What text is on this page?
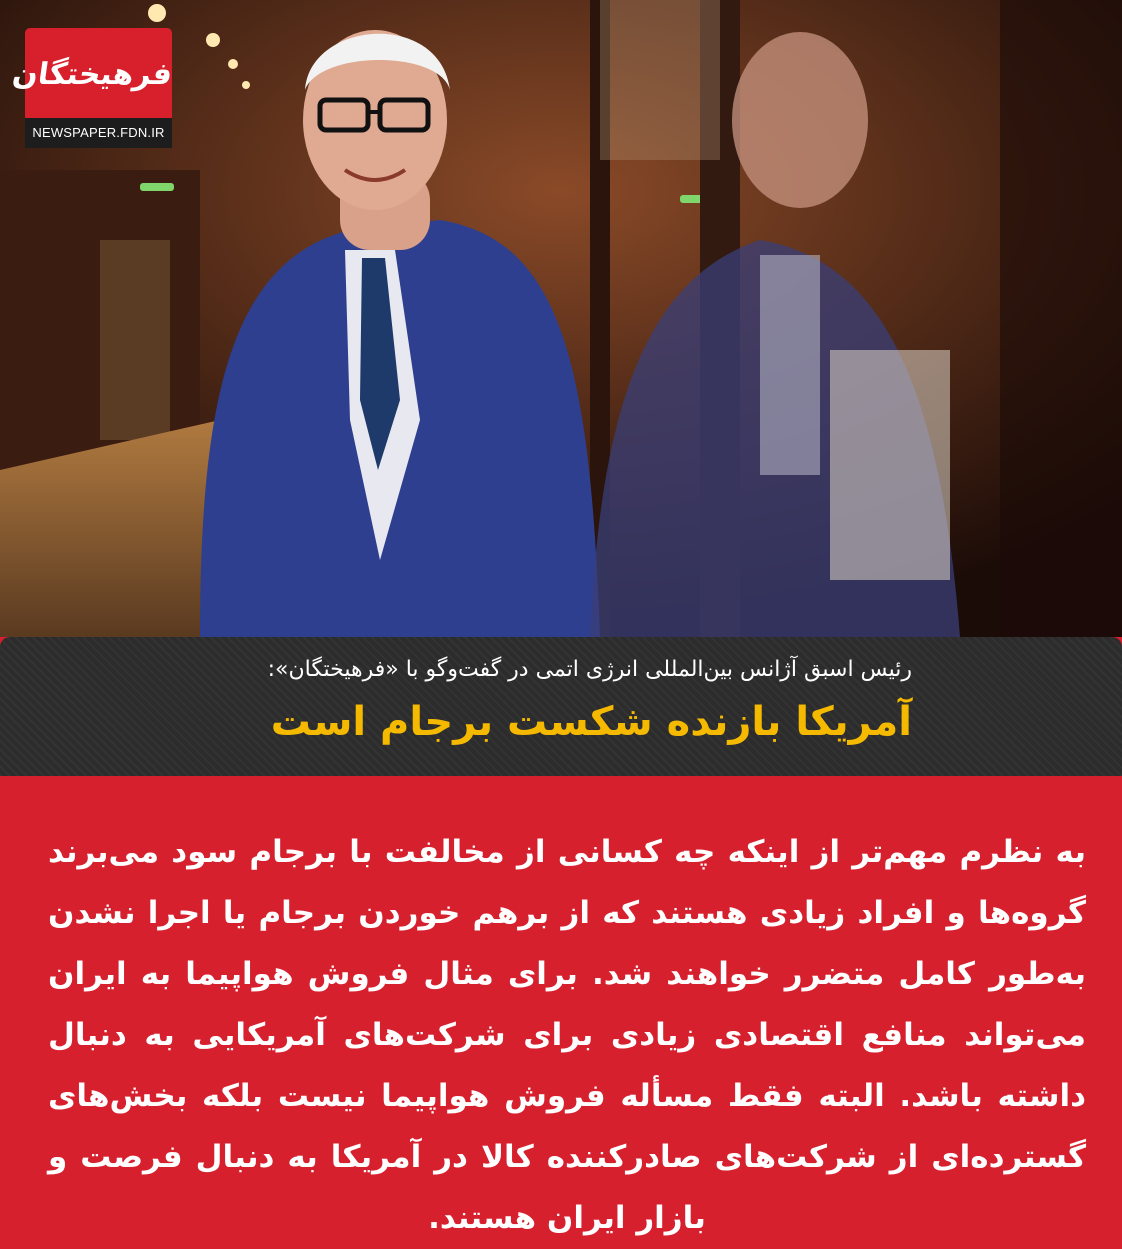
فرهیختگان
NEWSPAPER.FDN.IR
رئیس اسبق آژانس بین‌المللی انرژی اتمی در گفت‌وگو با «فرهیختگان»:
آمریکا بازنده شکست برجام است
به نظرم مهم‌تر از اینکه چه کسانی از مخالفت با برجام سود می‌برند گروه‌ها و افراد زیادی هستند که از برهم خوردن برجام یا اجرا نشدن به‌طور کامل متضرر خواهند شد. برای مثال فروش هواپیما به ایران می‌تواند منافع اقتصادی زیادی برای شرکت‌های آمریکایی به دنبال داشته باشد. البته فقط مسأله فروش هواپیما نیست بلکه بخش‌های گسترده‌ای از شرکت‌های صادرکننده کالا در آمریکا به دنبال فرصت و بازار ایران هستند.
